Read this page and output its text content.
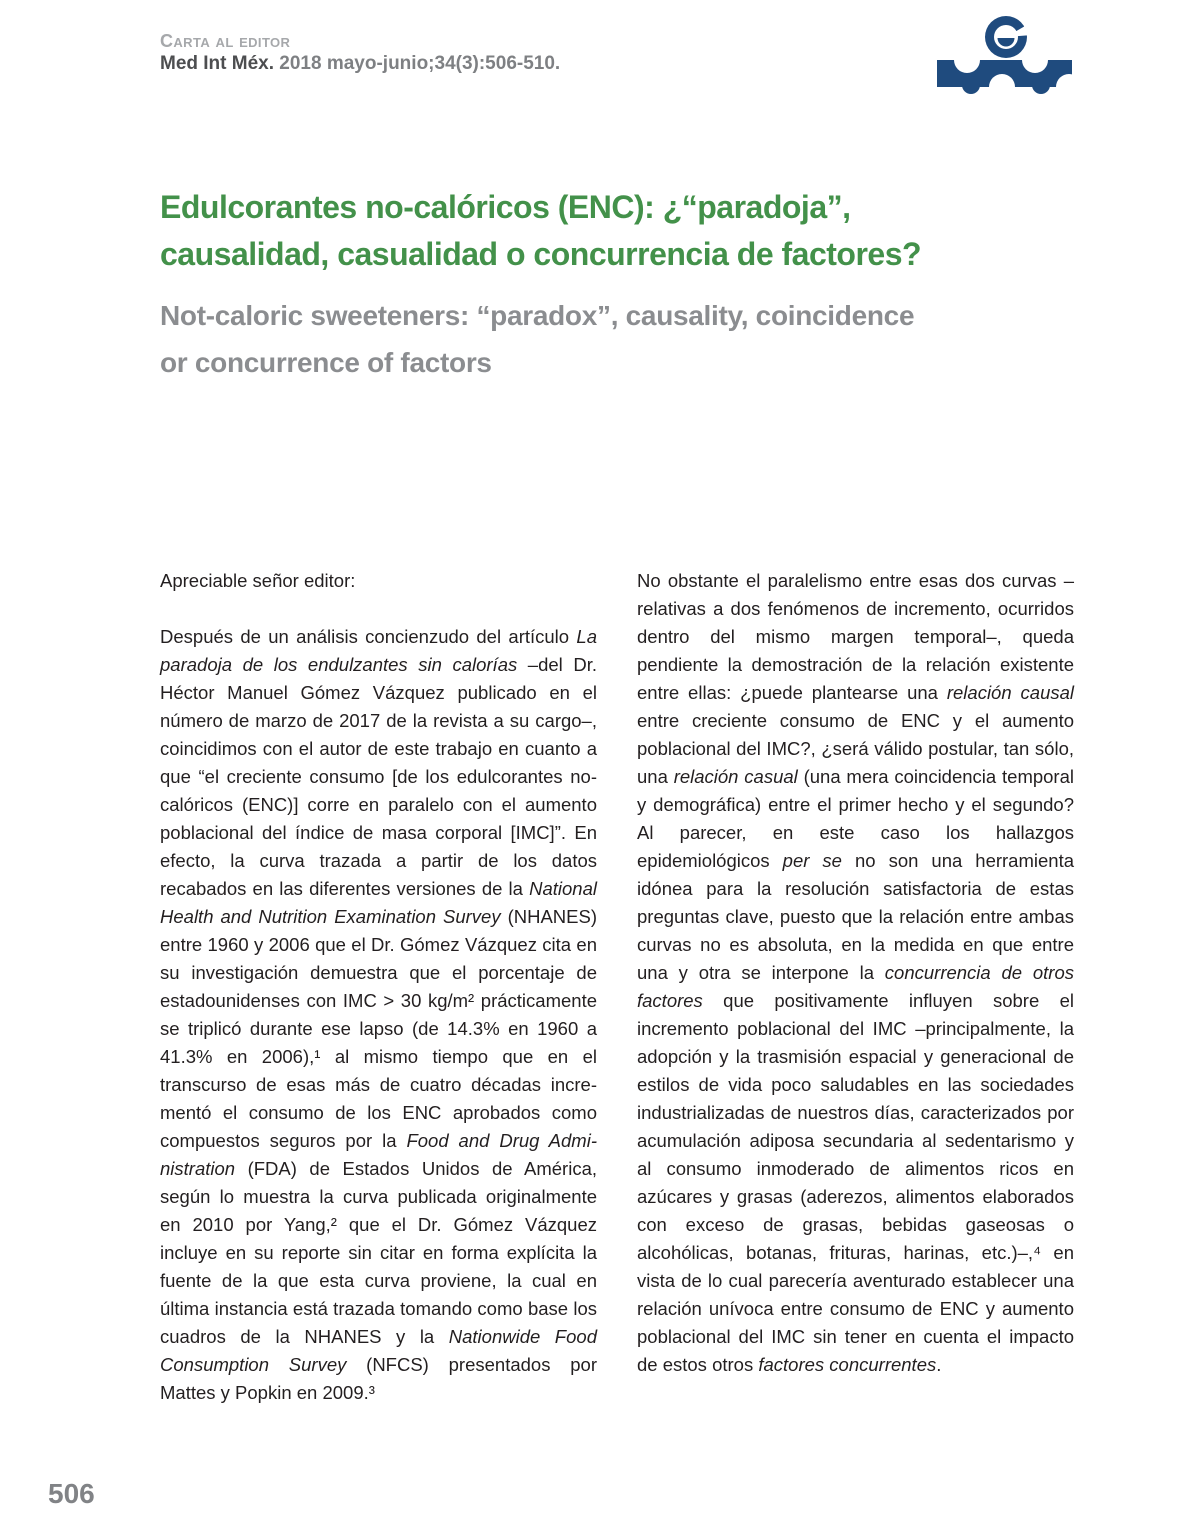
Carta al editor
Med Int Méx. 2018 mayo-junio;34(3):506-510.
Edulcorantes no-calóricos (ENC): ¿“paradoja”,
causalidad, casualidad o concurrencia de factores?
Not-caloric sweeteners: “paradox”, causality, coincidence
or concurrence of factors

Apreciable señor editor:

Después de un análisis concienzudo del artículo La paradoja de los endulzantes sin calorías –del Dr. Héctor Manuel Gómez Vázquez publicado en el número de marzo de 2017 de la revista a su cargo–, coincidimos con el autor de este trabajo en cuanto a que “el creciente consumo [de los edulcorantes no-calóricos (ENC)] corre en paralelo con el aumento poblacional del índice de masa corporal [IMC]”. En efecto, la curva trazada a partir de los datos recabados en las diferentes versiones de la National Health and Nutrition Examination Survey (NHANES) entre 1960 y 2006 que el Dr. Gómez Vázquez cita en su investigación demuestra que el porcentaje de estadounidenses con IMC > 30 kg/m² prácticamente se triplicó durante ese lapso (de 14.3% en 1960 a 41.3% en 2006),¹ al mismo tiempo que en el transcurso de esas más de cuatro décadas incrementó el consumo de los ENC aprobados como compuestos seguros por la Food and Drug Administration (FDA) de Estados Unidos de América, según lo muestra la curva publicada originalmente en 2010 por Yang,² que el Dr. Gómez Vázquez incluye en su reporte sin citar en forma explícita la fuente de la que esta curva proviene, la cual en última instancia está trazada tomando como base los cuadros de la NHANES y la Nationwide Food Consumption Survey (NFCS) presentados por Mattes y Popkin en 2009.³

No obstante el paralelismo entre esas dos curvas –relativas a dos fenómenos de incremento, ocurridos dentro del mismo margen temporal–, queda pendiente la demostración de la relación existente entre ellas: ¿puede plantearse una relación causal entre creciente consumo de ENC y el aumento poblacional del IMC?, ¿será válido postular, tan sólo, una relación casual (una mera coincidencia temporal y demográfica) entre el primer hecho y el segundo? Al parecer, en este caso los hallazgos epidemiológicos per se no son una herramienta idónea para la resolución satisfactoria de estas preguntas clave, puesto que la relación entre ambas curvas no es absoluta, en la medida en que entre una y otra se interpone la concurrencia de otros factores que positivamente influyen sobre el incremento poblacional del IMC –principalmente, la adopción y la trasmisión espacial y generacional de estilos de vida poco saludables en las sociedades industrializadas de nuestros días, caracterizados por acumulación adiposa secundaria al sedentarismo y al consumo inmoderado de alimentos ricos en azúcares y grasas (aderezos, alimentos elaborados con exceso de grasas, bebidas gaseosas o alcohólicas, botanas, frituras, harinas, etc.)–,⁴ en vista de lo cual parecería aventurado establecer una relación unívoca entre consumo de ENC y aumento poblacional del IMC sin tener en cuenta el impacto de estos otros factores concurrentes.

506
